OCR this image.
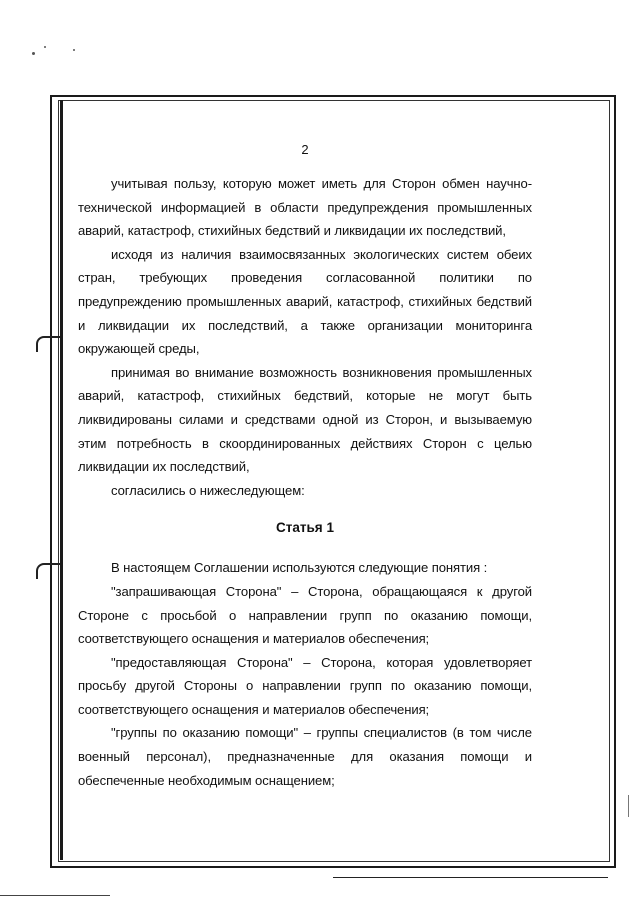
2

учитывая пользу, которую может иметь для Сторон обмен научно-технической информацией в области предупреждения промышленных аварий, катастроф, стихийных бедствий и ликвидации их последствий,

исходя из наличия взаимосвязанных экологических систем обеих стран, требующих проведения согласованной политики по предупреждению промышленных аварий, катастроф, стихийных бедствий и ликвидации их последствий, а также организации мониторинга окружающей среды,

принимая во внимание возможность возникновения промышленных аварий, катастроф, стихийных бедствий, которые не могут быть ликвидированы силами и средствами одной из Сторон, и вызываемую этим потребность в скоординированных действиях Сторон с целью ликвидации их последствий,

согласились о нижеследующем:

Статья 1

В настоящем Соглашении используются следующие понятия :

"запрашивающая Сторона" – Сторона, обращающаяся к другой Стороне с просьбой о направлении групп по оказанию помощи, соответствующего оснащения и материалов обеспечения;

"предоставляющая Сторона" – Сторона, которая удовлетворяет просьбу другой Стороны о направлении групп по оказанию помощи, соответствующего оснащения и материалов обеспечения;

"группы по оказанию помощи" – группы специалистов (в том числе военный персонал), предназначенные для оказания помощи и обеспеченные необходимым оснащением;
